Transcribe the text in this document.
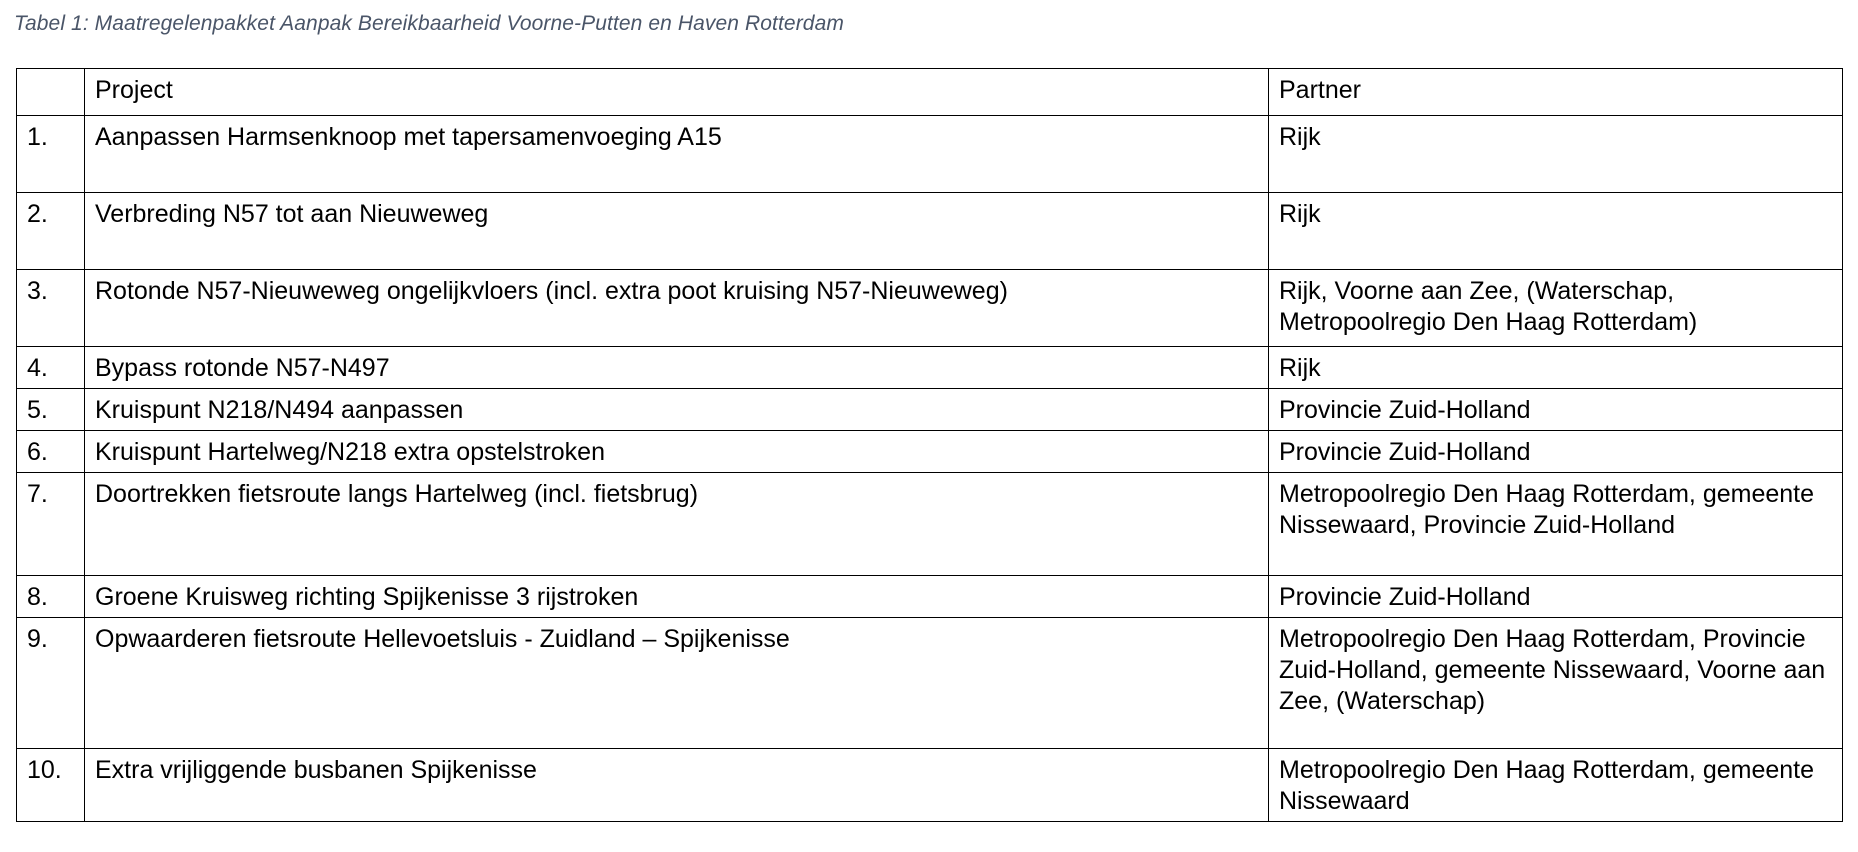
Tabel 1: Maatregelenpakket Aanpak Bereikbaarheid Voorne-Putten en Haven Rotterdam
	Project	Partner
1.	Aanpassen Harmsenknoop met tapersamenvoeging A15	Rijk
2.	Verbreding N57 tot aan Nieuweweg	Rijk
3.	Rotonde N57-Nieuweweg ongelijkvloers (incl. extra poot kruising N57-Nieuweweg)	Rijk, Voorne aan Zee, (Waterschap, Metropoolregio Den Haag Rotterdam)
4.	Bypass rotonde N57-N497	Rijk
5.	Kruispunt N218/N494 aanpassen	Provincie Zuid-Holland
6.	Kruispunt Hartelweg/N218 extra opstelstroken	Provincie Zuid-Holland
7.	Doortrekken fietsroute langs Hartelweg (incl. fietsbrug)	Metropoolregio Den Haag Rotterdam, gemeente Nissewaard, Provincie Zuid-Holland
8.	Groene Kruisweg richting Spijkenisse 3 rijstroken	Provincie Zuid-Holland
9.	Opwaarderen fietsroute Hellevoetsluis - Zuidland – Spijkenisse	Metropoolregio Den Haag Rotterdam, Provincie Zuid-Holland, gemeente Nissewaard, Voorne aan Zee, (Waterschap)
10.	Extra vrijliggende busbanen Spijkenisse	Metropoolregio Den Haag Rotterdam, gemeente Nissewaard
